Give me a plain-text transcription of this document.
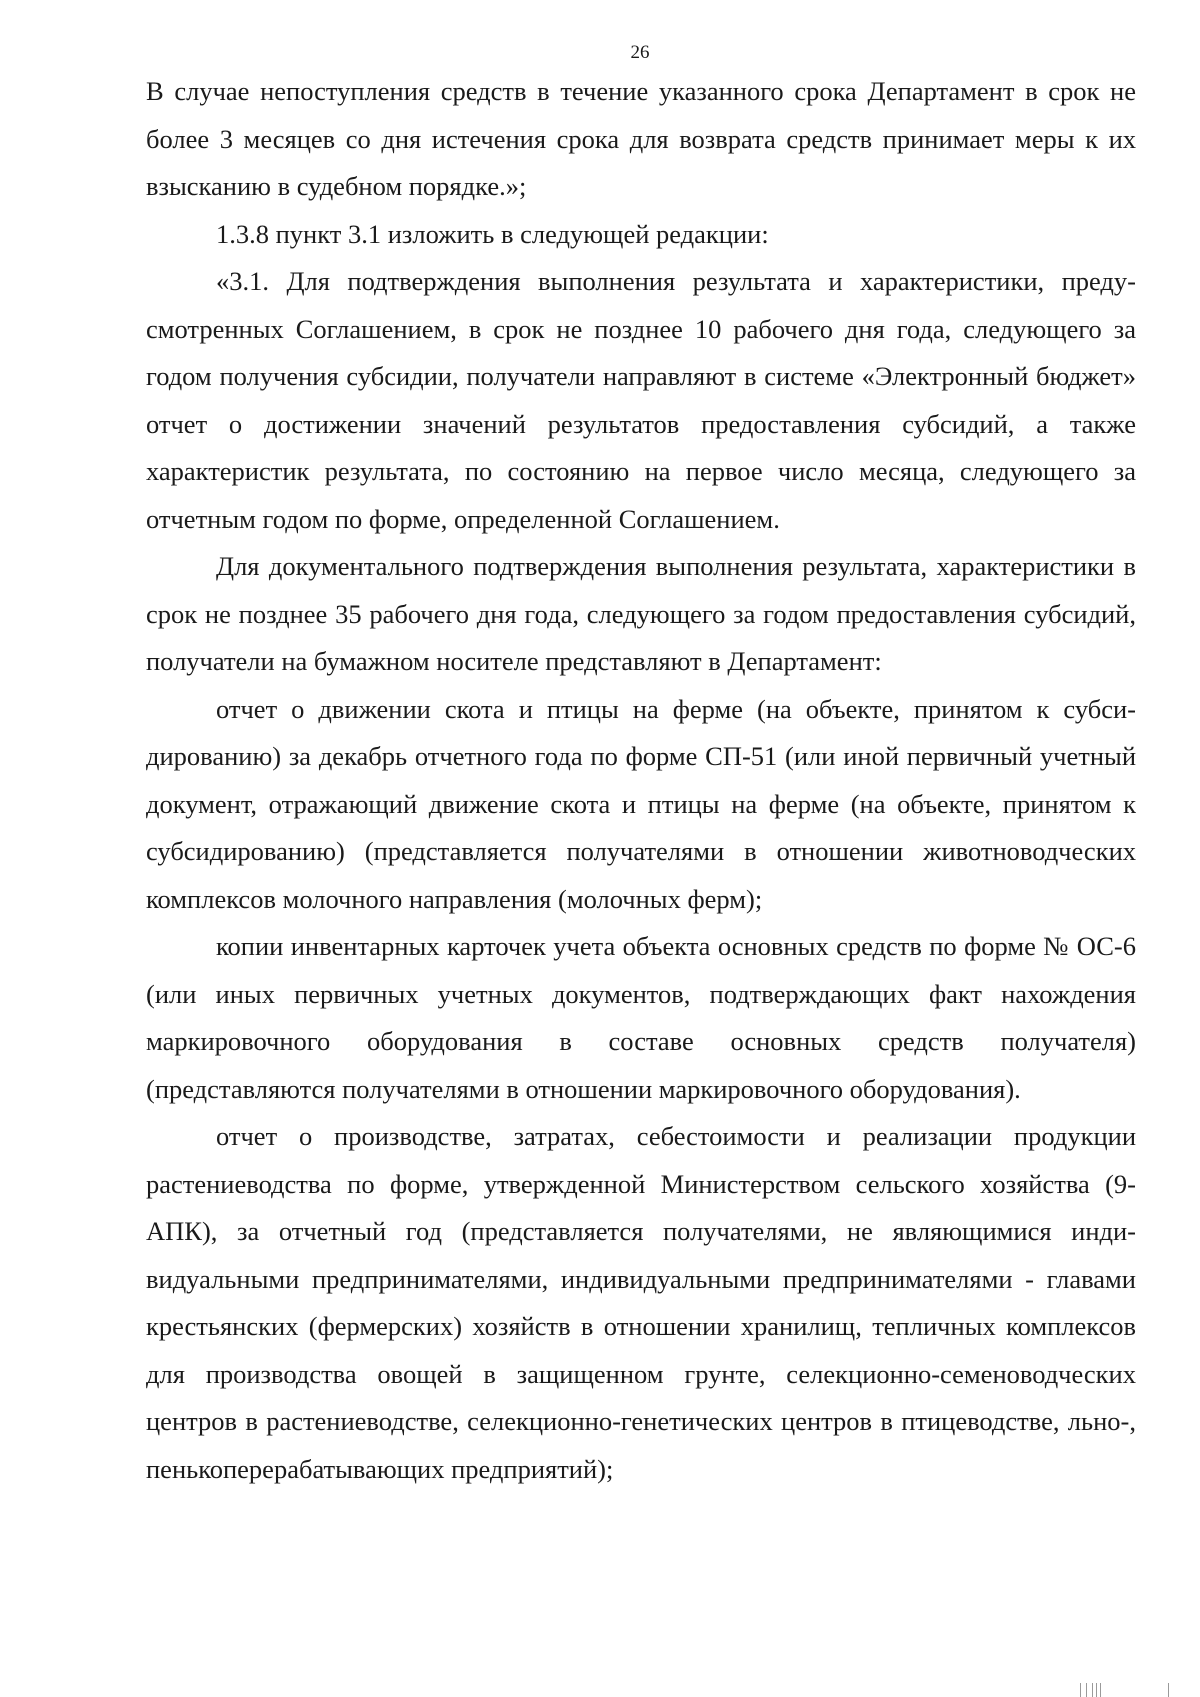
26

В случае непоступления средств в течение указанного срока Департамент в срок не более 3 месяцев со дня истечения срока для возврата средств принимает меры к их взысканию в судебном порядке.»;

1.3.8 пункт 3.1 изложить в следующей редакции:

«3.1. Для подтверждения выполнения результата и характеристики, предусмотренных Соглашением, в срок не позднее 10 рабочего дня года, следующего за годом получения субсидии, получатели направляют в системе «Электронный бюджет» отчет о достижении значений результатов предоставления субсидий, а также характеристик результата, по состоянию на первое число месяца, следующего за отчетным годом по форме, определенной Соглашением.

Для документального подтверждения выполнения результата, характеристики в срок не позднее 35 рабочего дня года, следующего за годом предоставления субсидий, получатели на бумажном носителе представляют в Департамент:

отчет о движении скота и птицы на ферме (на объекте, принятом к субсидированию) за декабрь отчетного года по форме СП-51 (или иной первичный учетный документ, отражающий движение скота и птицы на ферме (на объекте, принятом к субсидированию) (представляется получателями в отношении животноводческих комплексов молочного направления (молочных ферм);

копии инвентарных карточек учета объекта основных средств по форме № ОС-6 (или иных первичных учетных документов, подтверждающих факт нахождения маркировочного оборудования в составе основных средств получателя) (представляются получателями в отношении маркировочного оборудования).

отчет о производстве, затратах, себестоимости и реализации продукции растениеводства по форме, утвержденной Министерством сельского хозяйства (9-АПК), за отчетный год (представляется получателями, не являющимися индивидуальными предпринимателями, индивидуальными предпринимателями - главами крестьянских (фермерских) хозяйств в отношении хранилищ, тепличных комплексов для производства овощей в защищенном грунте, селекционно-семеноводческих центров в растениеводстве, селекционно-генетических центров в птицеводстве, льно-, пенькоперерабатывающих предприятий);
